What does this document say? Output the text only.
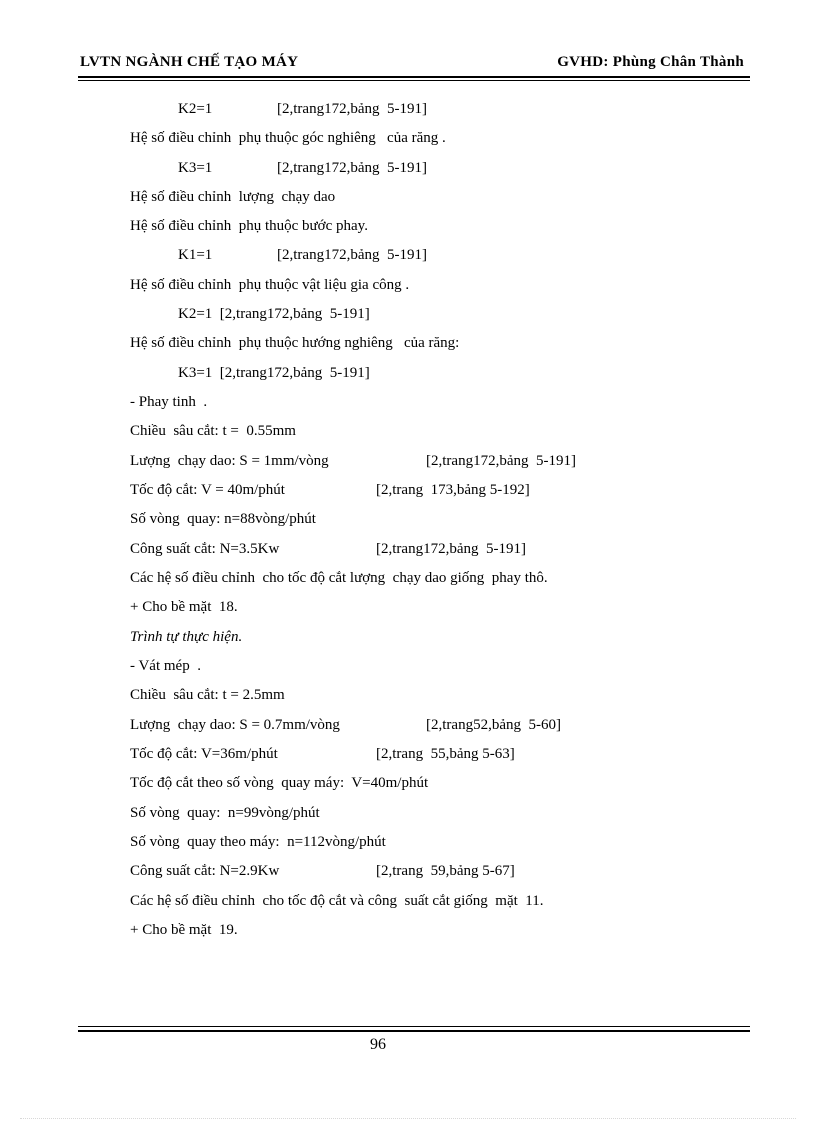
LVTN NGÀNH CHẾ TẠO MÁY	GVHD: Phùng Chân Thành
K2=1	[2,trang172,bảng  5-191]
Hệ số điều chỉnh  phụ thuộc góc nghiêng   của răng .
K3=1	[2,trang172,bảng  5-191]
Hệ số điều chỉnh  lượng  chạy dao
Hệ số điều chỉnh  phụ thuộc bước phay.
K1=1	[2,trang172,bảng  5-191]
Hệ số điều chỉnh  phụ thuộc vật liệu gia công .
K2=1  [2,trang172,bảng  5-191]
Hệ số điều chỉnh  phụ thuộc hướng nghiêng   của răng:
K3=1  [2,trang172,bảng  5-191]
- Phay tinh  .
Chiều  sâu cắt: t =  0.55mm
Lượng  chạy dao: S = 1mm/vòng	[2,trang172,bảng  5-191]
Tốc độ cắt: V = 40m/phút	[2,trang  173,bảng 5-192]
Số vòng  quay: n=88vòng/phút
Công suất cắt: N=3.5Kw	[2,trang172,bảng  5-191]
Các hệ số điều chỉnh  cho tốc độ cắt lượng  chạy dao giống  phay thô.
+ Cho bề mặt  18.
Trình tự thực hiện.
- Vát mép  .
Chiều  sâu cắt: t = 2.5mm
Lượng  chạy dao: S = 0.7mm/vòng	[2,trang52,bảng  5-60]
Tốc độ cắt: V=36m/phút	[2,trang  55,bảng 5-63]
Tốc độ cắt theo số vòng  quay máy:  V=40m/phút
Số vòng  quay:  n=99vòng/phút
Số vòng  quay theo máy:  n=112vòng/phút
Công suất cắt: N=2.9Kw	[2,trang  59,bảng 5-67]
Các hệ số điều chỉnh  cho tốc độ cắt và công  suất cắt giống  mặt  11.
+ Cho bề mặt  19.
96
